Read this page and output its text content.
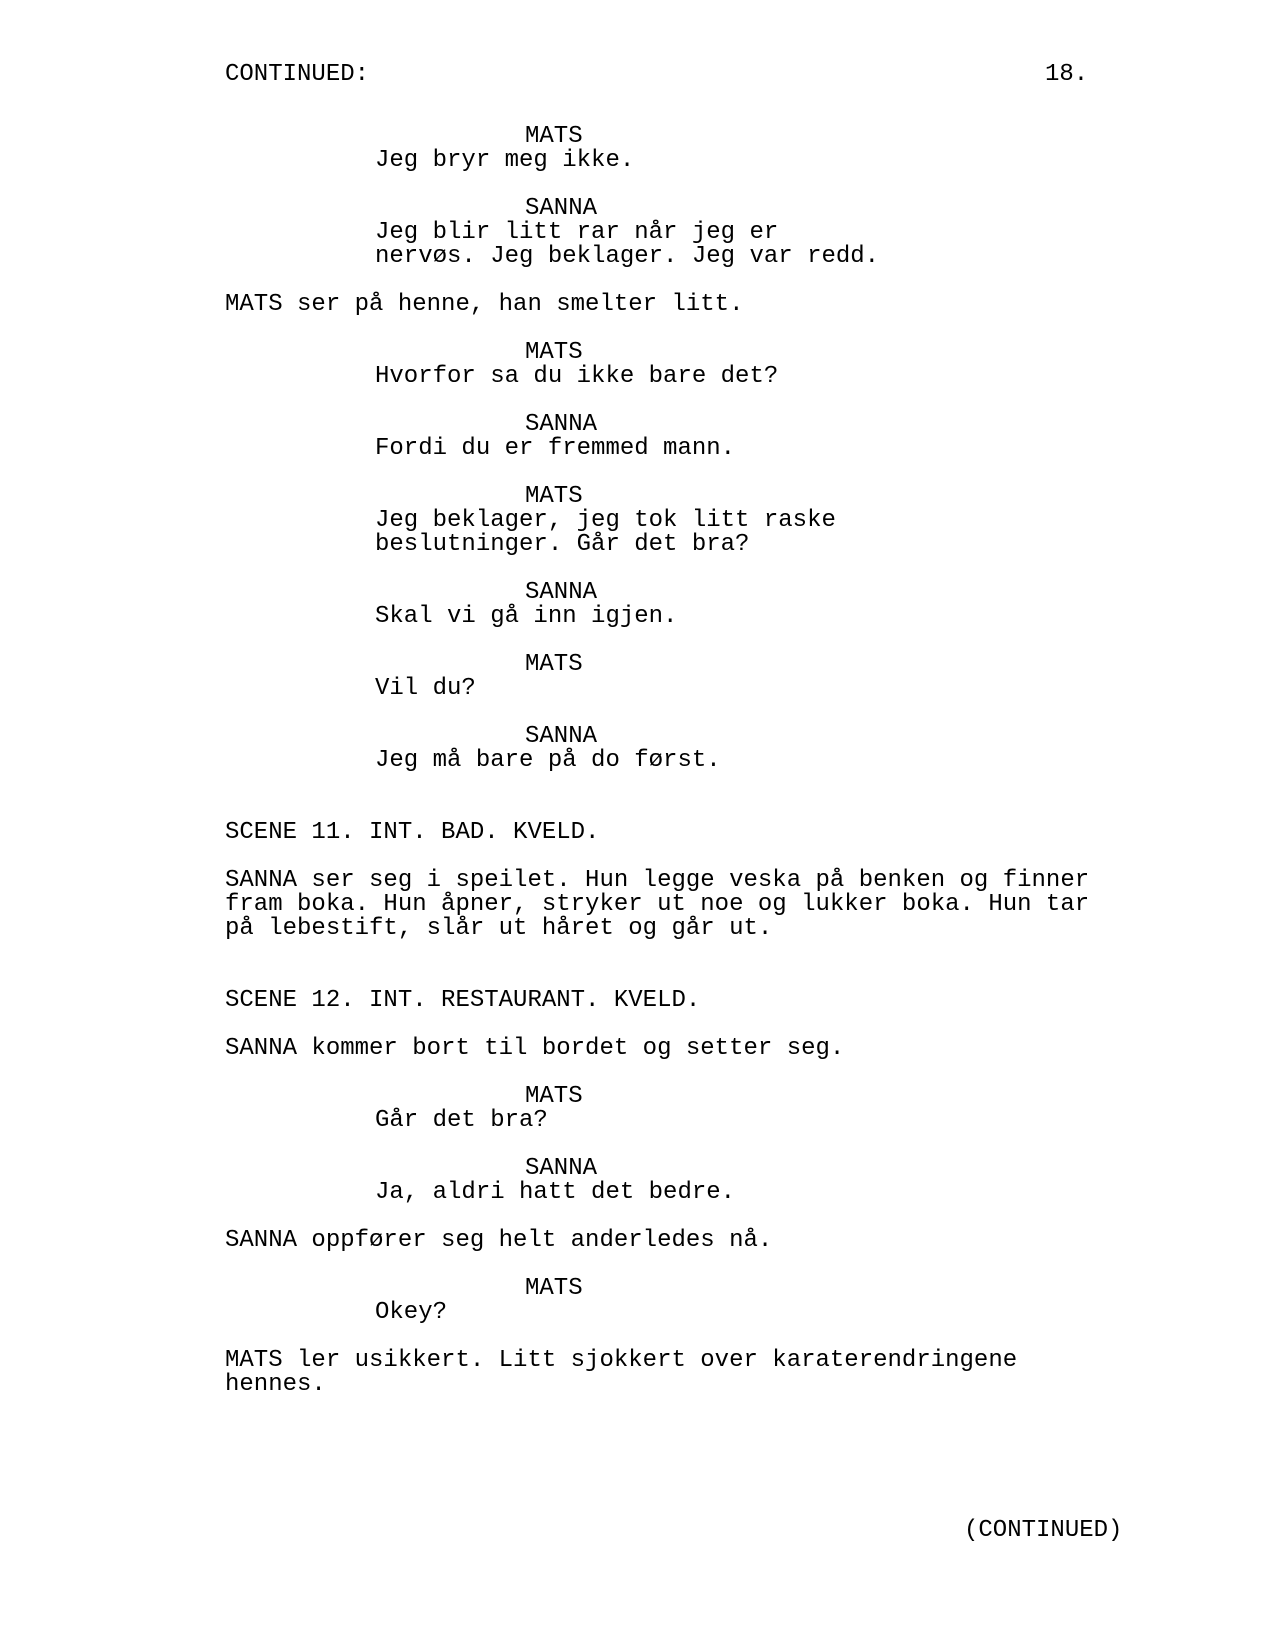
CONTINUED:	18.
MATS
Jeg bryr meg ikke.
SANNA
Jeg blir litt rar når jeg er
nervøs. Jeg beklager. Jeg var redd.
MATS ser på henne, han smelter litt.
MATS
Hvorfor sa du ikke bare det?
SANNA
Fordi du er fremmed mann.
MATS
Jeg beklager, jeg tok litt raske
beslutninger. Går det bra?
SANNA
Skal vi gå inn igjen.
MATS
Vil du?
SANNA
Jeg må bare på do først.
SCENE 11. INT. BAD. KVELD.
SANNA ser seg i speilet. Hun legge veska på benken og finner
fram boka. Hun åpner, stryker ut noe og lukker boka. Hun tar
på lebestift, slår ut håret og går ut.
SCENE 12. INT. RESTAURANT. KVELD.
SANNA kommer bort til bordet og setter seg.
MATS
Går det bra?
SANNA
Ja, aldri hatt det bedre.
SANNA oppfører seg helt anderledes nå.
MATS
Okey?
MATS ler usikkert. Litt sjokkert over karaterendringene
hennes.
(CONTINUED)
